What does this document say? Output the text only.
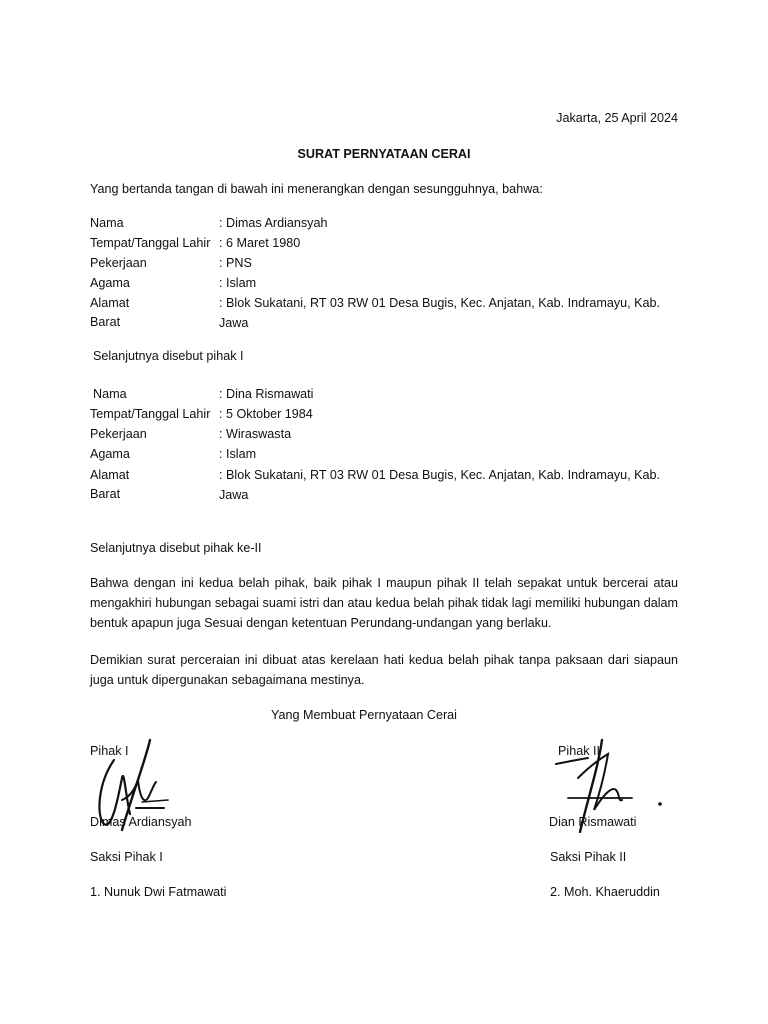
Jakarta, 25 April 2024
SURAT PERNYATAAN CERAI
Yang bertanda tangan di bawah ini menerangkan dengan sesungguhnya, bahwa:
Nama	: Dimas Ardiansyah
Tempat/Tanggal Lahir : 6 Maret 1980
Pekerjaan	: PNS
Agama	: Islam
Alamat	: Blok Sukatani, RT 03 RW 01 Desa Bugis, Kec. Anjatan, Kab. Indramayu, Kab. Jawa
Barat
Selanjutnya disebut pihak I
Nama	: Dina Rismawati
Tempat/Tanggal Lahir : 5 Oktober 1984
Pekerjaan	: Wiraswasta
Agama	: Islam
Alamat	: Blok Sukatani, RT 03 RW 01 Desa Bugis, Kec. Anjatan, Kab. Indramayu, Kab. Jawa
Barat
Selanjutnya disebut pihak ke-II
Bahwa dengan ini kedua belah pihak, baik pihak I maupun pihak II telah sepakat untuk bercerai atau mengakhiri hubungan sebagai suami istri dan atau kedua belah pihak tidak lagi memiliki hubungan dalam bentuk apapun juga Sesuai dengan ketentuan Perundang-undangan yang berlaku.
Demikian surat perceraian ini dibuat atas kerelaan hati kedua belah pihak tanpa paksaan dari siapaun juga untuk dipergunakan sebagaimana mestinya.
Yang Membuat Pernyataan Cerai
Pihak I	Pihak II
Dimas Ardiansyah	Dian Rismawati
Saksi Pihak I	Saksi Pihak II
1. Nunuk Dwi Fatmawati	2. Moh. Khaeruddin
